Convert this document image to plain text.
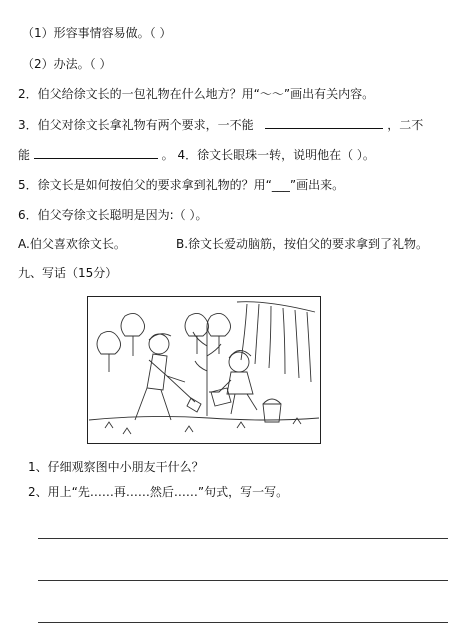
（1）形容事情容易做。（ ）
（2）办法。（ ）
2．伯父给徐文长的一包礼物在什么地方？用“～～”画出有关内容。
3．伯父对徐文长拿礼物有两个要求，一不能	，二不
能	。 4．徐文长眼珠一转，说明他在（ ）。
5．徐文长是如何按伯父的要求拿到礼物的？用“___”画出来。
6．伯父夸徐文长聪明是因为:（ ）。
A.伯父喜欢徐文长。	B.徐文长爱动脑筋，按伯父的要求拿到了礼物。
九、写话（15分）
1、仔细观察图中小朋友干什么？
2、用上“先……再……然后……”句式，写一写。
